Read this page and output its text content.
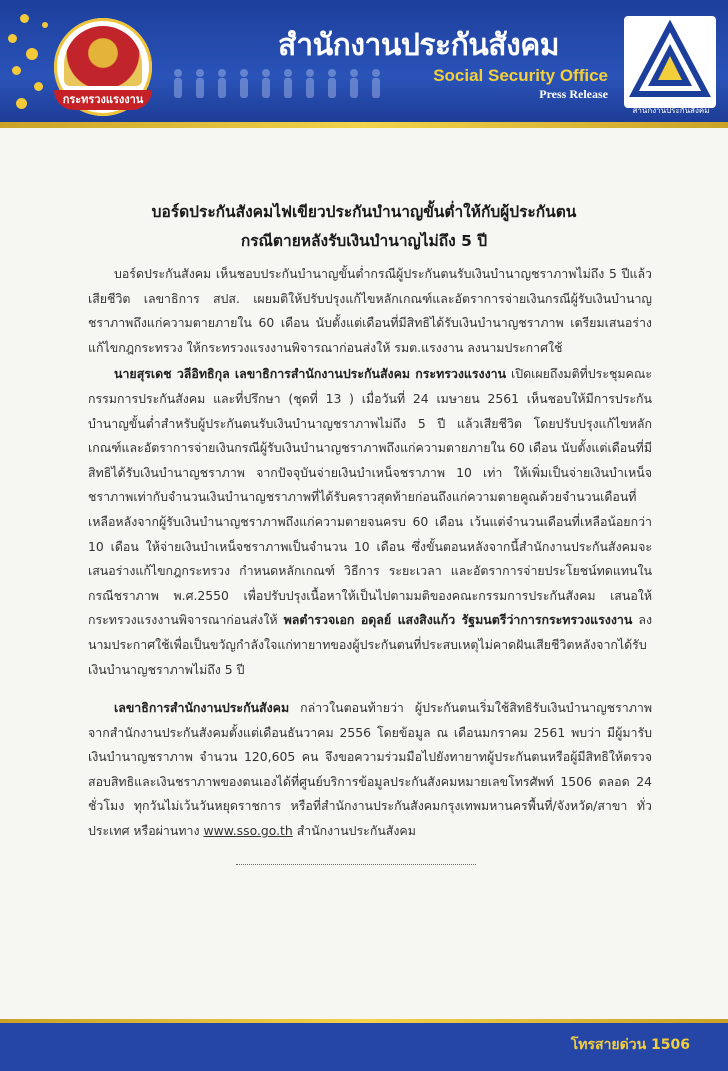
กระทรวงแรงงาน
สำนักงานประกันสังคม
Social Security Office
Press Release
สำนักงานประกันสังคม
บอร์ดประกันสังคมไฟเขียวประกันบำนาญขั้นต่ำให้กับผู้ประกันตน
กรณีตายหลังรับเงินบำนาญไม่ถึง 5 ปี

บอร์ดประกันสังคม เห็นชอบประกันบำนาญขั้นต่ำกรณีผู้ประกันตนรับเงินบำนาญชราภาพไม่ถึง 5 ปีแล้วเสียชีวิต เลขาธิการ สปส. เผยมติให้ปรับปรุงแก้ไขหลักเกณฑ์และอัตราการจ่ายเงินกรณีผู้รับเงินบำนาญชราภาพถึงแก่ความตายภายใน 60 เดือน นับตั้งแต่เดือนที่มีสิทธิได้รับเงินบำนาญชราภาพ เตรียมเสนอร่างแก้ไขกฎกระทรวง ให้กระทรวงแรงงานพิจารณาก่อนส่งให้ รมต.แรงงาน ลงนามประกาศใช้

นายสุรเดช วลีอิทธิกุล เลขาธิการสำนักงานประกันสังคม กระทรวงแรงงาน เปิดเผยถึงมติที่ประชุมคณะกรรมการประกันสังคม และที่ปรึกษา (ชุดที่ 13 ) เมื่อวันที่ 24 เมษายน 2561 เห็นชอบให้มีการประกันบำนาญขั้นต่ำสำหรับผู้ประกันตนรับเงินบำนาญชราภาพไม่ถึง 5 ปี แล้วเสียชีวิต โดยปรับปรุงแก้ไขหลักเกณฑ์และอัตราการจ่ายเงินกรณีผู้รับเงินบำนาญชราภาพถึงแก่ความตายภายใน 60 เดือน นับตั้งแต่เดือนที่มีสิทธิได้รับเงินบำนาญชราภาพ จากปัจจุบันจ่ายเงินบำเหน็จชราภาพ 10 เท่า ให้เพิ่มเป็นจ่ายเงินบำเหน็จชราภาพเท่ากับจำนวนเงินบำนาญชราภาพที่ได้รับคราวสุดท้ายก่อนถึงแก่ความตายคูณด้วยจำนวนเดือนที่เหลือหลังจากผู้รับเงินบำนาญชราภาพถึงแก่ความตายจนครบ 60 เดือน เว้นแต่จำนวนเดือนที่เหลือน้อยกว่า 10 เดือน ให้จ่ายเงินบำเหน็จชราภาพเป็นจำนวน 10 เดือน ซึ่งขั้นตอนหลังจากนี้สำนักงานประกันสังคมจะเสนอร่างแก้ไขกฎกระทรวง กำหนดหลักเกณฑ์ วิธีการ ระยะเวลา และอัตราการจ่ายประโยชน์ทดแทนในกรณีชราภาพ พ.ศ.2550 เพื่อปรับปรุงเนื้อหาให้เป็นไปตามมติของคณะกรรมการประกันสังคม เสนอให้กระทรวงแรงงานพิจารณาก่อนส่งให้ พลตำรวจเอก อดุลย์ แสงสิงแก้ว รัฐมนตรีว่าการกระทรวงแรงงาน ลงนามประกาศใช้เพื่อเป็นขวัญกำลังใจแก่ทายาทของผู้ประกันตนที่ประสบเหตุไม่คาดฝันเสียชีวิตหลังจากได้รับเงินบำนาญชราภาพไม่ถึง 5 ปี

เลขาธิการสำนักงานประกันสังคม กล่าวในตอนท้ายว่า ผู้ประกันตนเริ่มใช้สิทธิรับเงินบำนาญชราภาพจากสำนักงานประกันสังคมตั้งแต่เดือนธันวาคม 2556 โดยข้อมูล ณ เดือนมกราคม 2561 พบว่า มีผู้มารับเงินบำนาญชราภาพ จำนวน 120,605 คน จึงขอความร่วมมือไปยังทายาทผู้ประกันตนหรือผู้มีสิทธิให้ตรวจสอบสิทธิและเงินชราภาพของตนเองได้ที่ศูนย์บริการข้อมูลประกันสังคมหมายเลขโทรศัพท์ 1506 ตลอด 24 ชั่วโมง ทุกวันไม่เว้นวันหยุดราชการ หรือที่สำนักงานประกันสังคมกรุงเทพมหานครพื้นที่/จังหวัด/สาขา ทั่วประเทศ หรือผ่านทาง www.sso.go.th สำนักงานประกันสังคม

โทรสายด่วน 1506
